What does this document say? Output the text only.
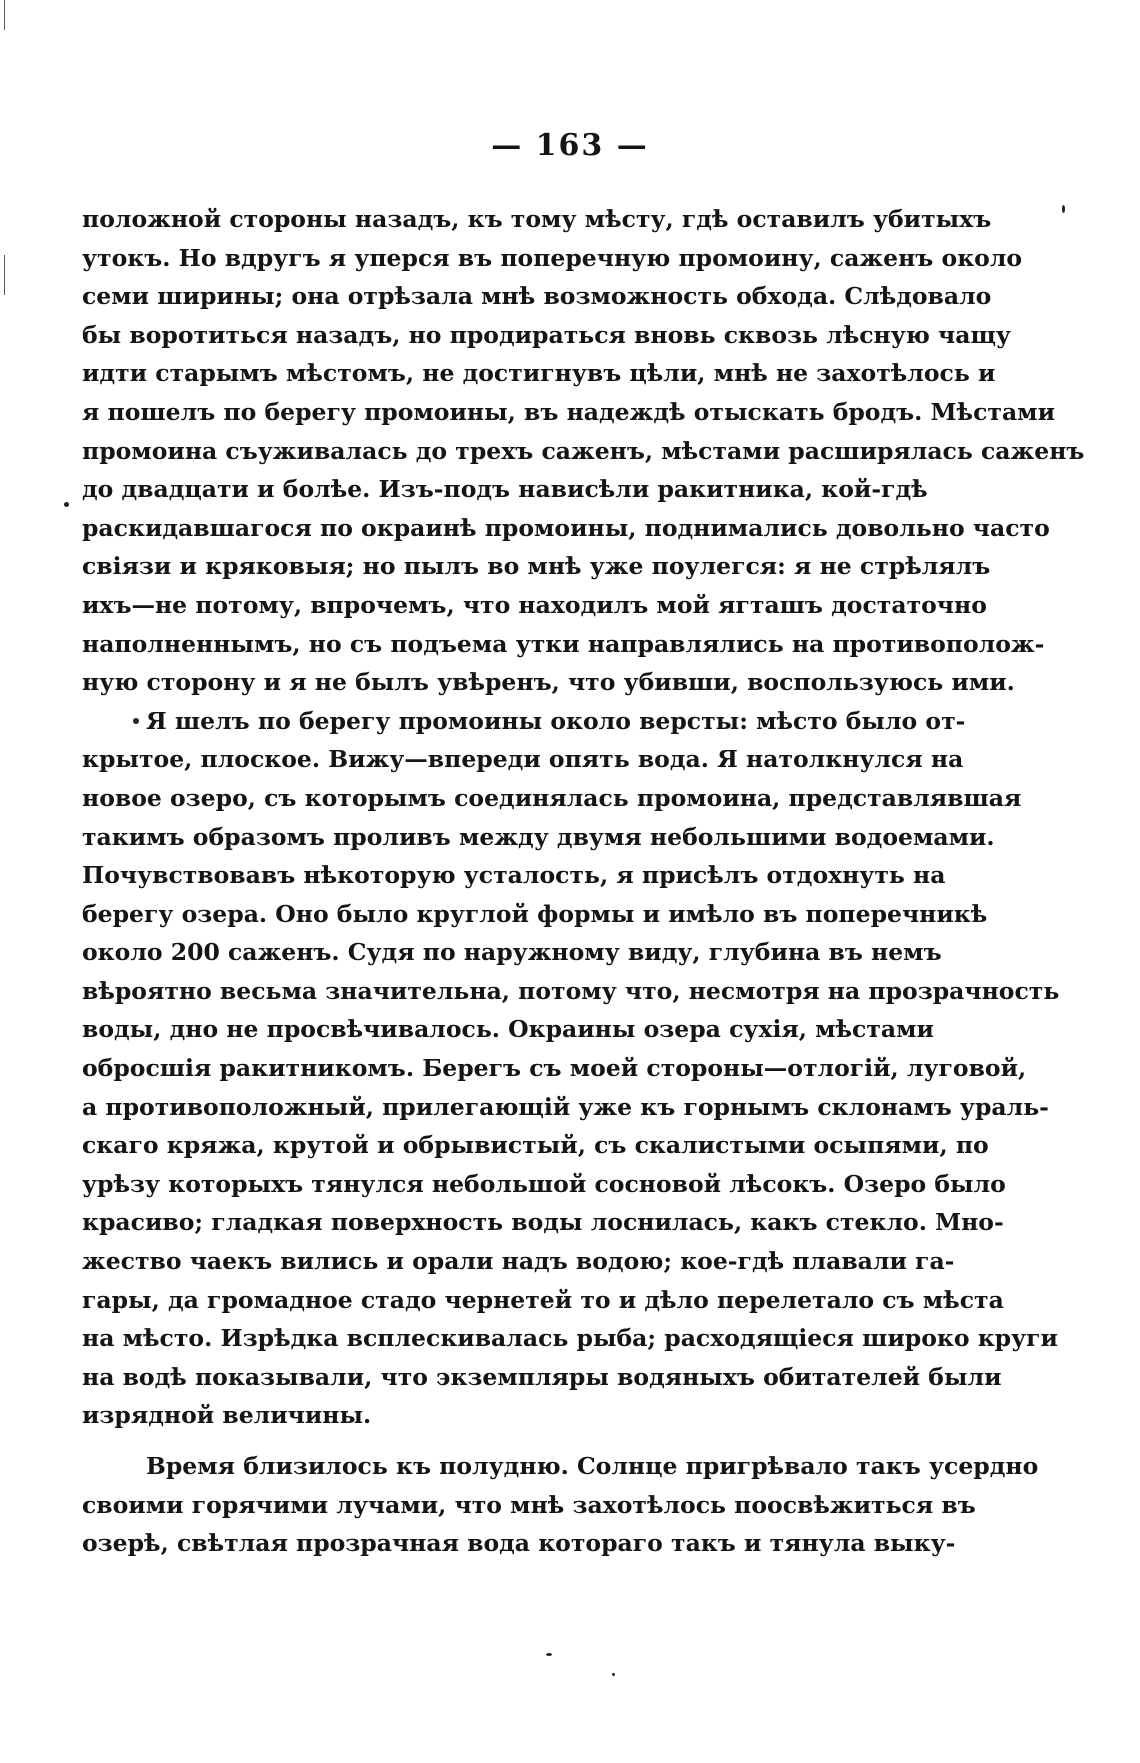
— 163 —
положной стороны назадъ, къ тому мѣсту, гдѣ оставилъ убитыхъ
утокъ. Но вдругъ я уперся въ поперечную промоину, саженъ около
семи ширины; она отрѣзала мнѣ возможность обхода. Слѣдовало
бы воротиться назадъ, но продираться вновь сквозь лѣсную чащу
идти старымъ мѣстомъ, не достигнувъ цѣли, мнѣ не захотѣлось и
я пошелъ по берегу промоины, въ надеждѣ отыскать бродъ. Мѣстами
промоина съуживалась до трехъ саженъ, мѣстами расширялась саженъ
до двадцати и болѣе. Изъ-подъ нависѣли ракитника, кой-гдѣ
раскидавшагося по окраинѣ промоины, поднимались довольно часто
свіязи и кряковыя; но пылъ во мнѣ уже поулегся: я не стрѣлялъ
ихъ—не потому, впрочемъ, что находилъ мой ягташъ достаточно
наполненнымъ, но съ подъема утки направлялись на противополож-
ную сторону и я не былъ увѣренъ, что убивши, воспользуюсь ими.
Я шелъ по берегу промоины около версты: мѣсто было от-
крытое, плоское. Вижу—впереди опять вода. Я натолкнулся на
новое озеро, съ которымъ соединялась промоина, представлявшая
такимъ образомъ проливъ между двумя небольшими водоемами.
Почувствовавъ нѣкоторую усталость, я присѣлъ отдохнуть на
берегу озера. Оно было круглой формы и имѣло въ поперечникѣ
около 200 саженъ. Судя по наружному виду, глубина въ немъ
вѣроятно весьма значительна, потому что, несмотря на прозрачность
воды, дно не просвѣчивалось. Окраины озера сухія, мѣстами
обросшія ракитникомъ. Берегъ съ моей стороны—отлогій, луговой,
а противоположный, прилегающій уже къ горнымъ склонамъ ураль-
скаго кряжа, крутой и обрывистый, съ скалистыми осыпями, по
урѣзу которыхъ тянулся небольшой сосновой лѣсокъ. Озеро было
красиво; гладкая поверхность воды лоснилась, какъ стекло. Мно-
жество чаекъ вились и орали надъ водою; кое-гдѣ плавали га-
гары, да громадное стадо чернетей то и дѣло перелетало съ мѣста
на мѣсто. Изрѣдка всплескивалась рыба; расходящіеся широко круги
на водѣ показывали, что экземпляры водяныхъ обитателей были
изрядной величины.
Время близилось къ полудню. Солнце пригрѣвало такъ усердно
своими горячими лучами, что мнѣ захотѣлось поосвѣжиться въ
озерѣ, свѣтлая прозрачная вода котораго такъ и тянула выку-
